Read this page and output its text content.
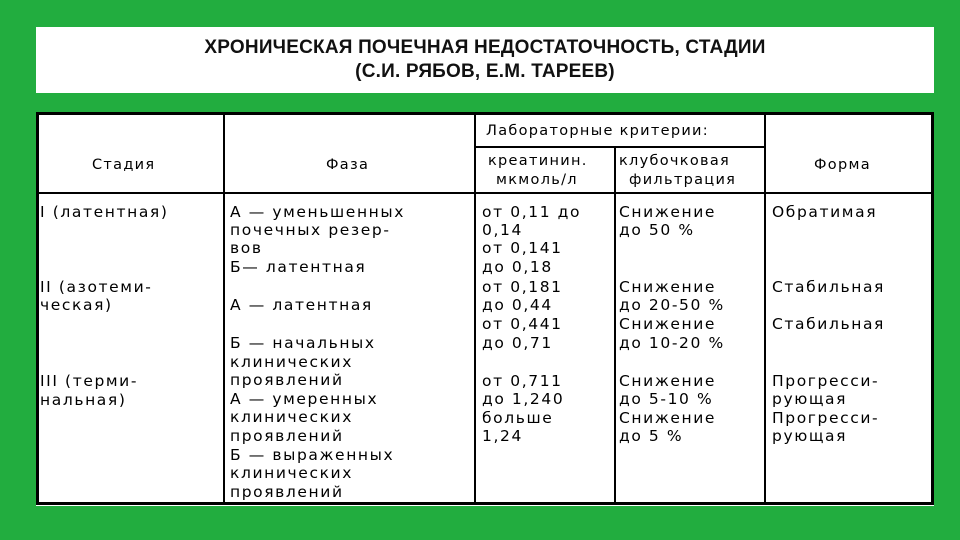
ХРОНИЧЕСКАЯ ПОЧЕЧНАЯ НЕДОСТАТОЧНОСТЬ, СТАДИИ
(С.И. РЯБОВ, Е.М. ТАРЕЕВ)
Стадия	Фаза
Лабораторные критерии:
креатинин.
мкмоль/л
клубочковая
фильтрация
Форма
I (латентная)
II (азотеми-
ческая)
III (терми-
нальная)
А — уменьшенных
почечных резер-
вов
Б— латентная
А — латентная
Б — начальных
клинических
проявлений
А — умеренных
клинических
проявлений
Б — выраженных
клинических
проявлений
от 0,11 до
0,14
от 0,141
до 0,18
от 0,181
до 0,44
от 0,441
до 0,71
от 0,711
до 1,240
больше
1,24
Снижение
до 50 %
Снижение
до 20-50 %
Снижение
до 10-20 %
Снижение
до 5-10 %
Снижение
до 5 %
Обратимая
Стабильная
Стабильная
Прогресси-
рующая
Прогресси-
рующая
